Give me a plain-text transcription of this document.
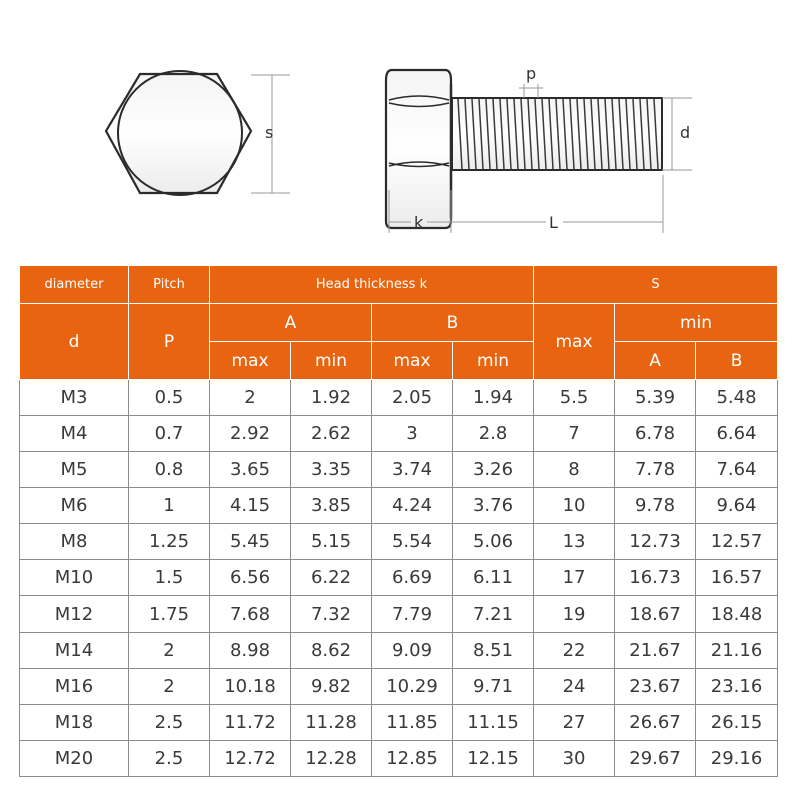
s
p
d
k	L
diameter	Pitch	Head thickness k				S		
d	P	A		B		max	min	
		max	min	max	min		A	B
M3	0.5	2	1.92	2.05	1.94	5.5	5.39	5.48
M4	0.7	2.92	2.62	3	2.8	7	6.78	6.64
M5	0.8	3.65	3.35	3.74	3.26	8	7.78	7.64
M6	1	4.15	3.85	4.24	3.76	10	9.78	9.64
M8	1.25	5.45	5.15	5.54	5.06	13	12.73	12.57
M10	1.5	6.56	6.22	6.69	6.11	17	16.73	16.57
M12	1.75	7.68	7.32	7.79	7.21	19	18.67	18.48
M14	2	8.98	8.62	9.09	8.51	22	21.67	21.16
M16	2	10.18	9.82	10.29	9.71	24	23.67	23.16
M18	2.5	11.72	11.28	11.85	11.15	27	26.67	26.15
M20	2.5	12.72	12.28	12.85	12.15	30	29.67	29.16
